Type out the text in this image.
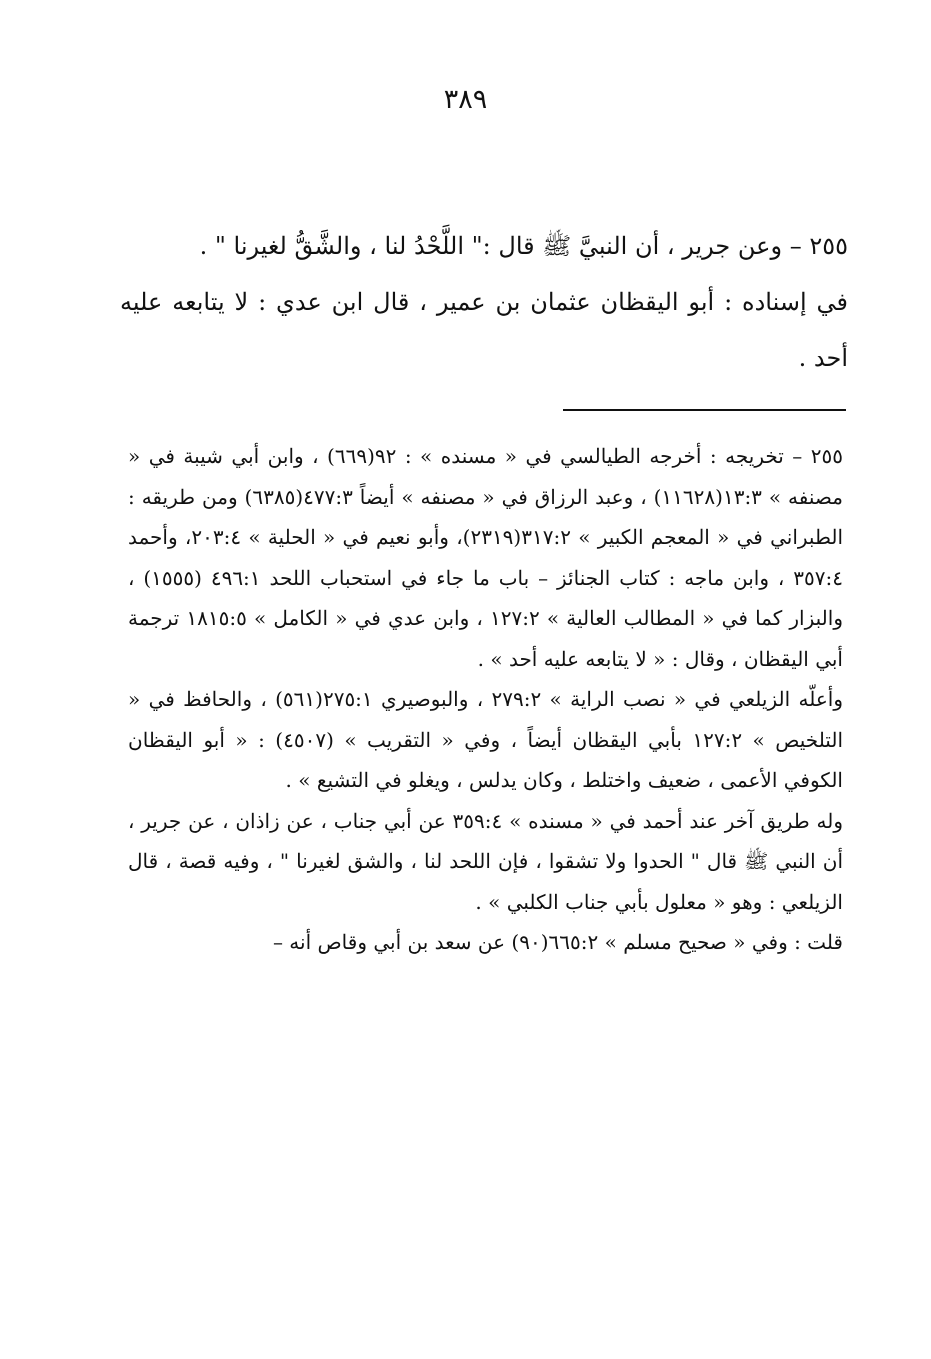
٣٨٩

٢٥٥ – وعن جرير ، أن النبيَّ ﷺ قال :" اللَّحْدُ لنا ، والشَّقُّ لغيرنا " .

في إسناده : أبو اليقظان عثمان بن عمير ، قال ابن عدي : لا يتابعه عليه أحد .

٢٥٥ – تخريجه : أخرجه الطيالسي في « مسنده » : ٩٢(٦٦٩) ، وابن أبي شيبة في « مصنفه » ١٣:٣(١١٦٢٨) ، وعبد الرزاق في « مصنفه » أيضاً ٤٧٧:٣(٦٣٨٥) ومن طريقه : الطبراني في « المعجم الكبير » ٣١٧:٢(٢٣١٩)، وأبو نعيم في « الحلية » ٢٠٣:٤، وأحمد ٣٥٧:٤ ، وابن ماجه : كتاب الجنائز – باب ما جاء في استحباب اللحد ٤٩٦:١ (١٥٥٥) ، والبزار كما في « المطالب العالية » ١٢٧:٢ ، وابن عدي في « الكامل » ١٨١٥:٥ ترجمة أبي اليقظان ، وقال : « لا يتابعه عليه أحد » .

وأعلّه الزيلعي في « نصب الراية » ٢٧٩:٢ ، والبوصيري ٢٧٥:١(٥٦١) ، والحافظ في « التلخيص » ١٢٧:٢ بأبي اليقظان أيضاً ، وفي « التقريب » (٤٥٠٧) : « أبو اليقظان الكوفي الأعمى ، ضعيف واختلط ، وكان يدلس ، ويغلو في التشيع » .

وله طريق آخر عند أحمد في « مسنده » ٣٥٩:٤ عن أبي جناب ، عن زاذان ، عن جرير ، أن النبي ﷺ قال " الحدوا ولا تشقوا ، فإن اللحد لنا ، والشق لغيرنا " ، وفيه قصة ، قال الزيلعي : وهو « معلول بأبي جناب الكلبي » .

قلت : وفي « صحيح مسلم » ٦٦٥:٢(٩٠) عن سعد بن أبي وقاص أنه –
